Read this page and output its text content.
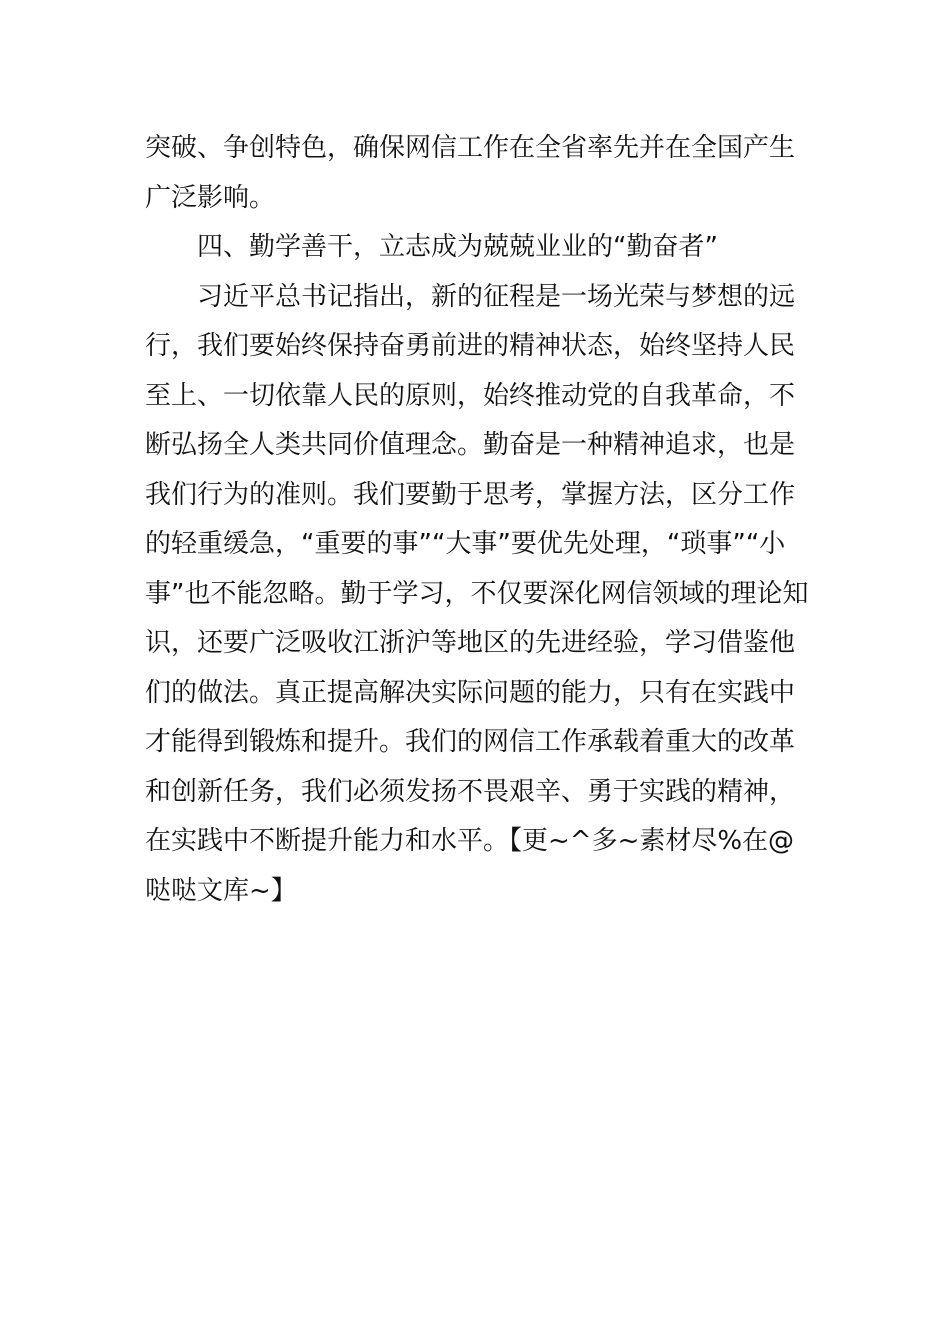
突破、争创特色，确保网信工作在全省率先并在全国产生
广泛影响。
四、勤学善干，立志成为兢兢业业的“勤奋者”
习近平总书记指出，新的征程是一场光荣与梦想的远
行，我们要始终保持奋勇前进的精神状态，始终坚持人民
至上、一切依靠人民的原则，始终推动党的自我革命，不
断弘扬全人类共同价值理念。勤奋是一种精神追求，也是
我们行为的准则。我们要勤于思考，掌握方法，区分工作
的轻重缓急，“重要的事”“大事”要优先处理，“琐事”“小
事”也不能忽略。勤于学习，不仅要深化网信领域的理论知
识，还要广泛吸收江浙沪等地区的先进经验，学习借鉴他
们的做法。真正提高解决实际问题的能力，只有在实践中
才能得到锻炼和提升。我们的网信工作承载着重大的改革
和创新任务，我们必须发扬不畏艰辛、勇于实践的精神，
在实践中不断提升能力和水平。【更~^多~素材尽%在@
哒哒文库~】
